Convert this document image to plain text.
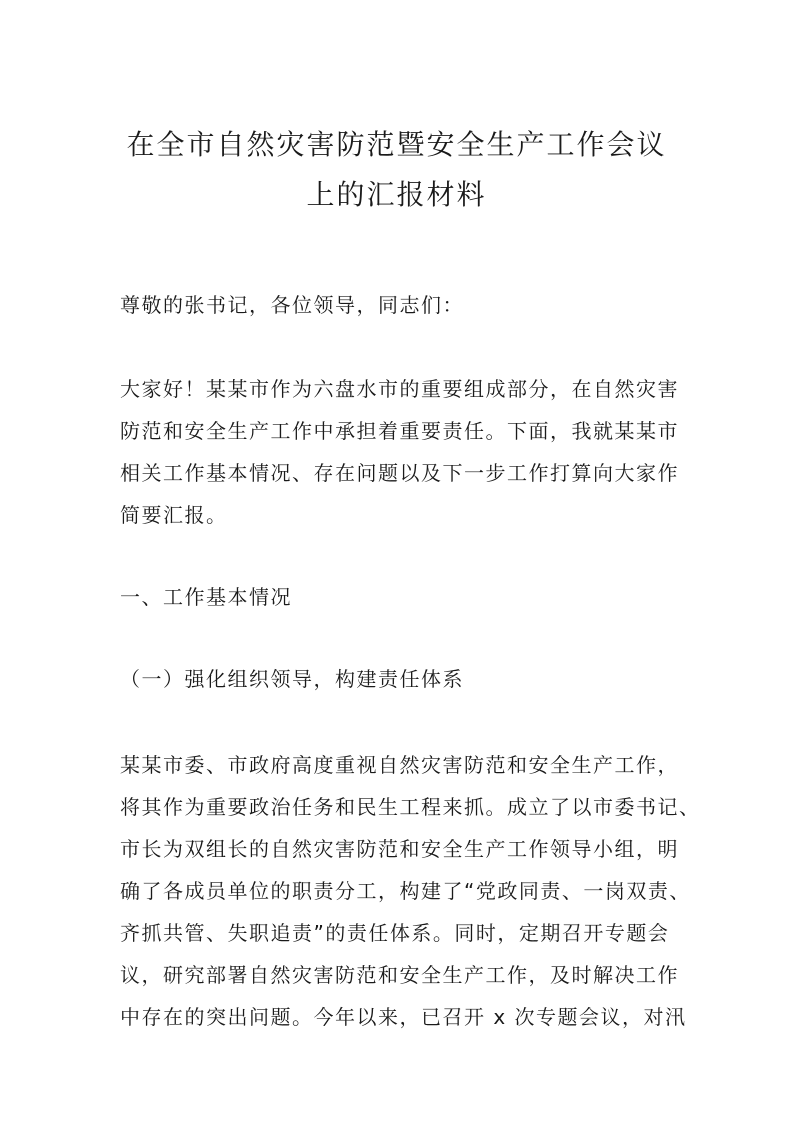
在全市自然灾害防范暨安全生产工作会议
上的汇报材料

尊敬的张书记，各位领导，同志们：

大家好！某某市作为六盘水市的重要组成部分，在自然灾害

防范和安全生产工作中承担着重要责任。下面，我就某某市

相关工作基本情况、存在问题以及下一步工作打算向大家作

简要汇报。

一、工作基本情况

（一）强化组织领导，构建责任体系

某某市委、市政府高度重视自然灾害防范和安全生产工作，

将其作为重要政治任务和民生工程来抓。成立了以市委书记、

市长为双组长的自然灾害防范和安全生产工作领导小组，明

确了各成员单位的职责分工，构建了“党政同责、一岗双责、

齐抓共管、失职追责”的责任体系。同时，定期召开专题会

议，研究部署自然灾害防范和安全生产工作，及时解决工作

中存在的突出问题。今年以来，已召开 x 次专题会议，对汛
